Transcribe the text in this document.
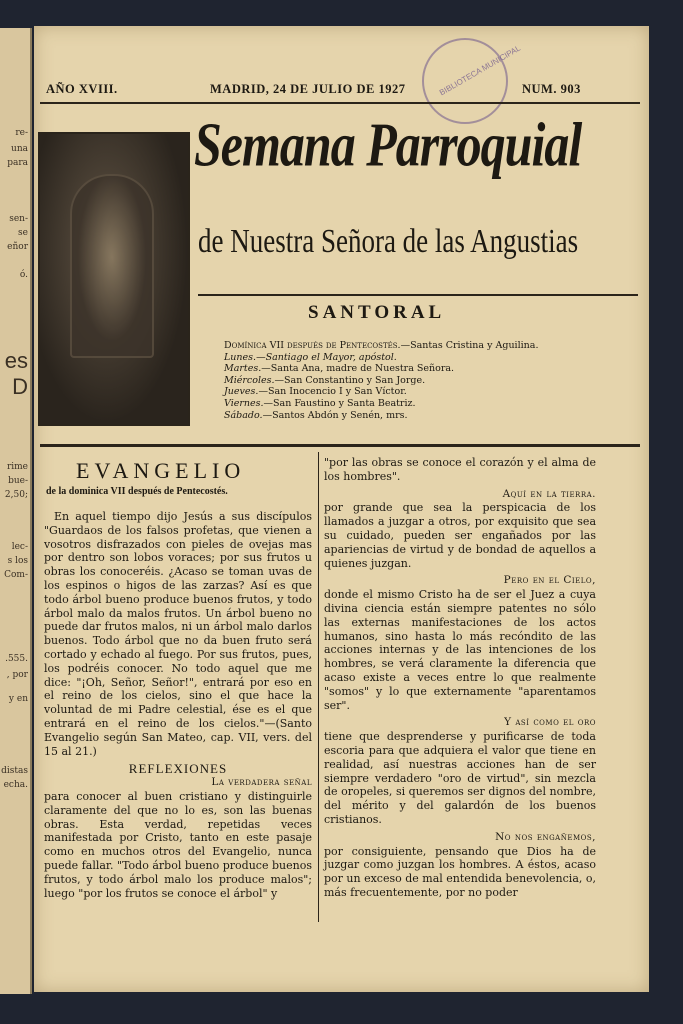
re-
una
para
sen-
se
eñor
ó.
es
D
rime
bue-
2,50;
lec-
s los
Com-
.555.
, por
y en
distas
echa.
AÑO XVIII.	MADRID, 24 DE JULIO DE 1927	NUM. 903
BIBLIOTECA MUNICIPAL
Semana Parroquial
de Nuestra Señora de las Angustias
SANTORAL
Domínica VII después de Pentecostés.—Santas Cristina y Aguilina.
Lunes.—Santiago el Mayor, apóstol.
Martes.—Santa Ana, madre de Nuestra Señora.
Miércoles.—San Constantino y San Jorge.
Jueves.—San Inocencio I y San Víctor.
Viernes.—San Faustino y Santa Beatriz.
Sábado.—Santos Abdón y Senén, mrs.
EVANGELIO
de la dominica VII después de Pentecostés.

En aquel tiempo dijo Jesús a sus discípulos "Guardaos de los falsos profetas, que vienen a vosotros disfrazados con pieles de ovejas mas por dentro son lobos voraces; por sus frutos u obras los conoceréis. ¿Acaso se toman uvas de los espinos o higos de las zarzas? Así es que todo árbol bueno produce buenos frutos, y todo árbol malo da malos frutos. Un árbol bueno no puede dar frutos malos, ni un árbol malo darlos buenos. Todo árbol que no da buen fruto será cortado y echado al fuego. Por sus frutos, pues, los podréis conocer. No todo aquel que me dice: "¡Oh, Señor, Señor!", entrará por eso en el reino de los cielos, sino el que hace la voluntad de mi Padre celestial, ése es el que entrará en el reino de los cielos."—(Santo Evangelio según San Mateo, cap. VII, vers. del 15 al 21.)

REFLEXIONES
La verdadera señal

para conocer al buen cristiano y distinguirle claramente del que no lo es, son las buenas obras. Esta verdad, repetidas veces manifestada por Cristo, tanto en este pasaje como en muchos otros del Evangelio, nunca puede fallar. "Todo árbol bueno produce buenos frutos, y todo árbol malo los produce malos"; luego "por los frutos se conoce el árbol" y

"por las obras se conoce el corazón y el alma de los hombres".

Aquí en la tierra.

por grande que sea la perspicacia de los llamados a juzgar a otros, por exquisito que sea su cuidado, pueden ser engañados por las apariencias de virtud y de bondad de aquellos a quienes juzgan.

Pero en el Cielo,

donde el mismo Cristo ha de ser el Juez a cuya divina ciencia están siempre patentes no sólo las externas manifestaciones de los actos humanos, sino hasta lo más recóndito de las acciones internas y de las intenciones de los hombres, se verá claramente la diferencia que acaso existe a veces entre lo que realmente "somos" y lo que externamente "aparentamos ser".

Y así como el oro

tiene que desprenderse y purificarse de toda escoria para que adquiera el valor que tiene en realidad, así nuestras acciones han de ser siempre verdadero "oro de virtud", sin mezcla de oropeles, si queremos ser dignos del nombre, del mérito y del galardón de los buenos cristianos.

No nos engañemos,

por consiguiente, pensando que Dios ha de juzgar como juzgan los hombres. A éstos, acaso por un exceso de mal entendida benevolencia, o, más frecuentemente, por no poder
